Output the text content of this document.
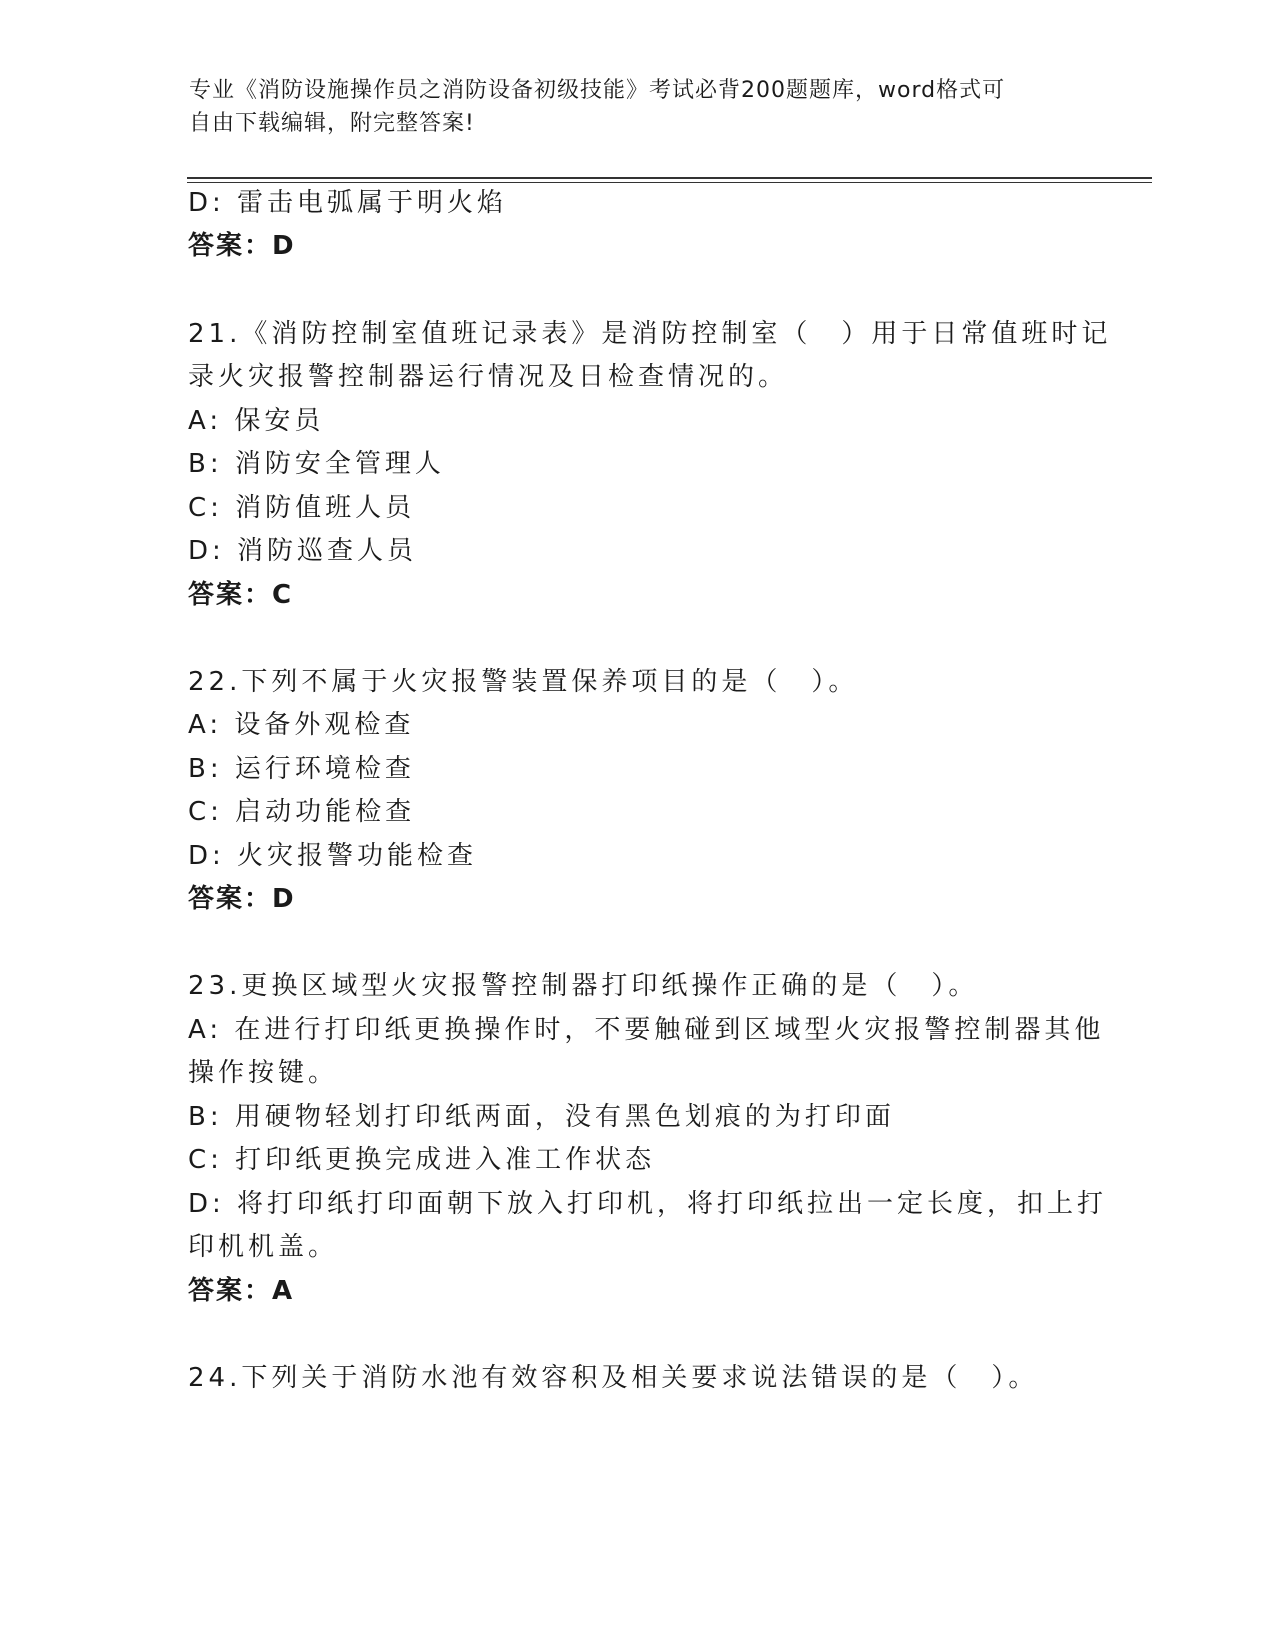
专业《消防设施操作员之消防设备初级技能》考试必背200题题库，word格式可
自由下载编辑，附完整答案!
D: 雷击电弧属于明火焰
答案：D
21.《消防控制室值班记录表》是消防控制室（　）用于日常值班时记
录火灾报警控制器运行情况及日检查情况的。
A: 保安员
B: 消防安全管理人
C: 消防值班人员
D: 消防巡查人员
答案：C
22.下列不属于火灾报警装置保养项目的是（　）。
A: 设备外观检查
B: 运行环境检查
C: 启动功能检查
D: 火灾报警功能检查
答案：D
23.更换区域型火灾报警控制器打印纸操作正确的是（　）。
A: 在进行打印纸更换操作时，不要触碰到区域型火灾报警控制器其他
操作按键。
B: 用硬物轻划打印纸两面，没有黑色划痕的为打印面
C: 打印纸更换完成进入准工作状态
D: 将打印纸打印面朝下放入打印机，将打印纸拉出一定长度，扣上打
印机机盖。
答案：A
24.下列关于消防水池有效容积及相关要求说法错误的是（　）。
